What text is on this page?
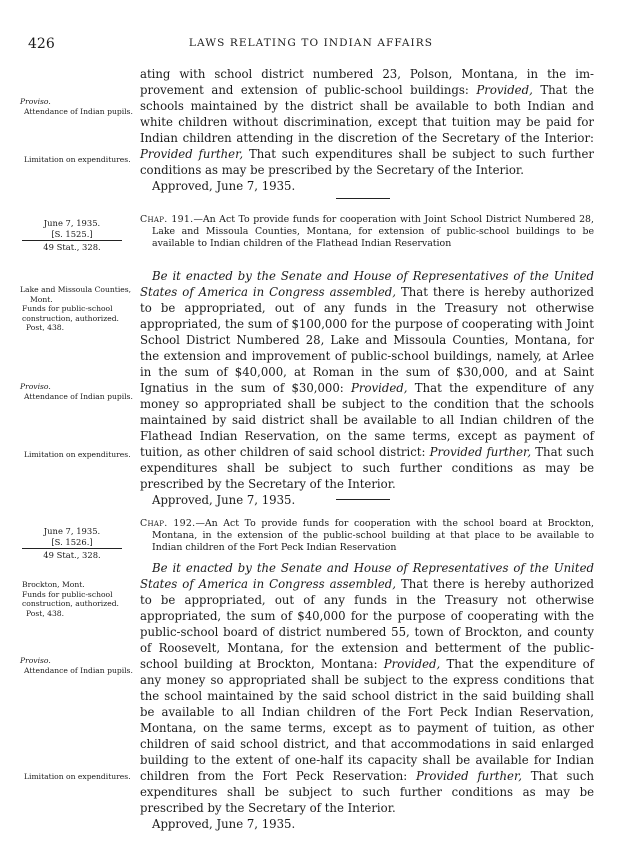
426	LAWS RELATING TO INDIAN AFFAIRS

ating with school district numbered 23, Polson, Montana, in the improvement and extension of public-school buildings: Provided, That the schools maintained by the district shall be available to both Indian and white children without discrimination, except that tuition may be paid for Indian children attending in the discretion of the Secretary of the Interior: Provided further, That such expenditures shall be subject to such further conditions as may be prescribed by the Secretary of the Interior.

Approved, June 7, 1935.

Proviso.
Attendance of Indian pupils.
Limitation on expenditures.
June 7, 1935.
[S. 1525.]
49 Stat., 328.
Chap. 191.—An Act To provide funds for cooperation with Joint School District Numbered 28, Lake and Missoula Counties, Montana, for extension of public-school buildings to be available to Indian children of the Flathead Indian Reservation

Be it enacted by the Senate and House of Representatives of the United States of America in Congress assembled, That there is hereby authorized to be appropriated, out of any funds in the Treasury not otherwise appropriated, the sum of $100,000 for the purpose of cooperating with Joint School District Numbered 28, Lake and Missoula Counties, Montana, for the extension and improvement of public-school buildings, namely, at Arlee in the sum of $40,000, at Roman in the sum of $30,000, and at Saint Ignatius in the sum of $30,000: Provided, That the expenditure of any money so appropriated shall be subject to the condition that the schools maintained by said district shall be available to all Indian children of the Flathead Indian Reservation, on the same terms, except as payment of tuition, as other children of said school district: Provided further, That such expenditures shall be subject to such further conditions as may be prescribed by the Secretary of the Interior.

Approved, June 7, 1935.

Lake and Missoula Counties, Mont.
Funds for public-school construction, authorized.
Post, 438.
Proviso.
Attendance of Indian pupils.
Limitation on expenditures.
June 7, 1935.
[S. 1526.]
49 Stat., 328.
Chap. 192.—An Act To provide funds for cooperation with the school board at Brockton, Montana, in the extension of the public-school building at that place to be available to Indian children of the Fort Peck Indian Reservation

Be it enacted by the Senate and House of Representatives of the United States of America in Congress assembled, That there is hereby authorized to be appropriated, out of any funds in the Treasury not otherwise appropriated, the sum of $40,000 for the purpose of cooperating with the public-school board of district numbered 55, town of Brockton, and county of Roosevelt, Montana, for the extension and betterment of the public-school building at Brockton, Montana: Provided, That the expenditure of any money so appropriated shall be subject to the express conditions that the school maintained by the said school district in the said building shall be available to all Indian children of the Fort Peck Indian Reservation, Montana, on the same terms, except as to payment of tuition, as other children of said school district, and that accommodations in said enlarged building to the extent of one-half its capacity shall be available for Indian children from the Fort Peck Reservation: Provided further, That such expenditures shall be subject to such further conditions as may be prescribed by the Secretary of the Interior.

Approved, June 7, 1935.

Brockton, Mont.
Funds for public-school construction, authorized.
Post, 438.
Proviso.
Attendance of Indian pupils.
Limitation on expenditures.
